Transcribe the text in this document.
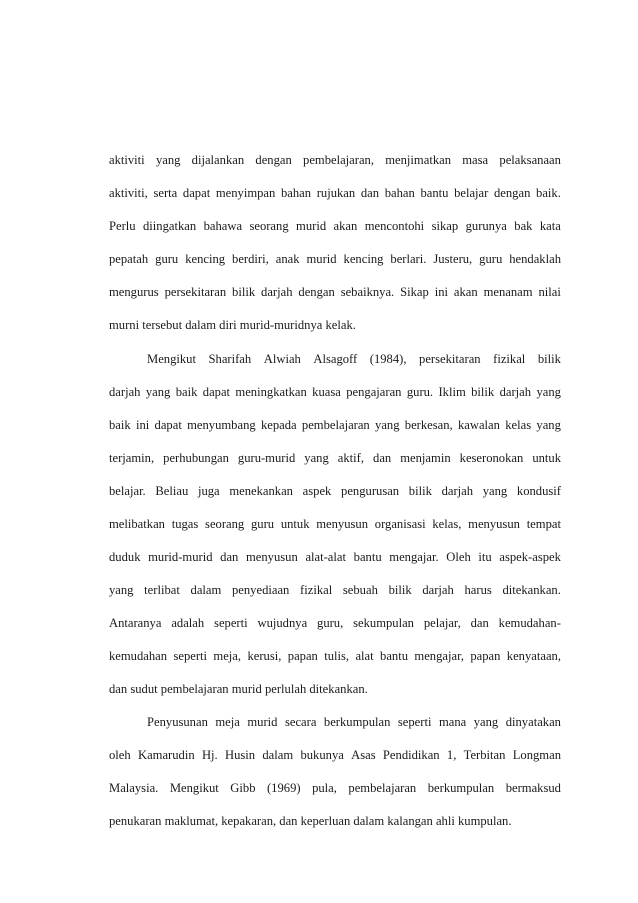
aktiviti yang dijalankan dengan pembelajaran, menjimatkan masa pelaksanaan
aktiviti, serta dapat menyimpan bahan rujukan dan bahan bantu belajar dengan baik.
Perlu diingatkan bahawa seorang murid akan mencontohi sikap gurunya bak kata
pepatah guru kencing berdiri, anak murid kencing berlari. Justeru, guru hendaklah
mengurus persekitaran bilik darjah dengan sebaiknya. Sikap ini akan menanam nilai
murni tersebut dalam diri murid-muridnya kelak.
Mengikut Sharifah Alwiah Alsagoff (1984), persekitaran fizikal bilik
darjah yang baik dapat meningkatkan kuasa pengajaran guru. Iklim bilik darjah yang
baik ini dapat menyumbang kepada pembelajaran yang berkesan, kawalan kelas yang
terjamin, perhubungan guru-murid yang aktif, dan menjamin keseronokan untuk
belajar. Beliau juga menekankan aspek pengurusan bilik darjah yang kondusif
melibatkan tugas seorang guru untuk menyusun organisasi kelas, menyusun tempat
duduk murid-murid dan menyusun alat-alat bantu mengajar. Oleh itu aspek-aspek
yang terlibat dalam penyediaan fizikal sebuah bilik darjah harus ditekankan.
Antaranya adalah seperti wujudnya guru, sekumpulan pelajar, dan kemudahan-
kemudahan seperti meja, kerusi, papan tulis, alat bantu mengajar, papan kenyataan,
dan sudut pembelajaran murid perlulah ditekankan.
Penyusunan meja murid secara berkumpulan seperti mana yang dinyatakan
oleh Kamarudin Hj. Husin dalam bukunya Asas Pendidikan 1, Terbitan Longman
Malaysia. Mengikut Gibb (1969) pula, pembelajaran berkumpulan bermaksud
penukaran maklumat, kepakaran, dan keperluan dalam kalangan ahli kumpulan.
